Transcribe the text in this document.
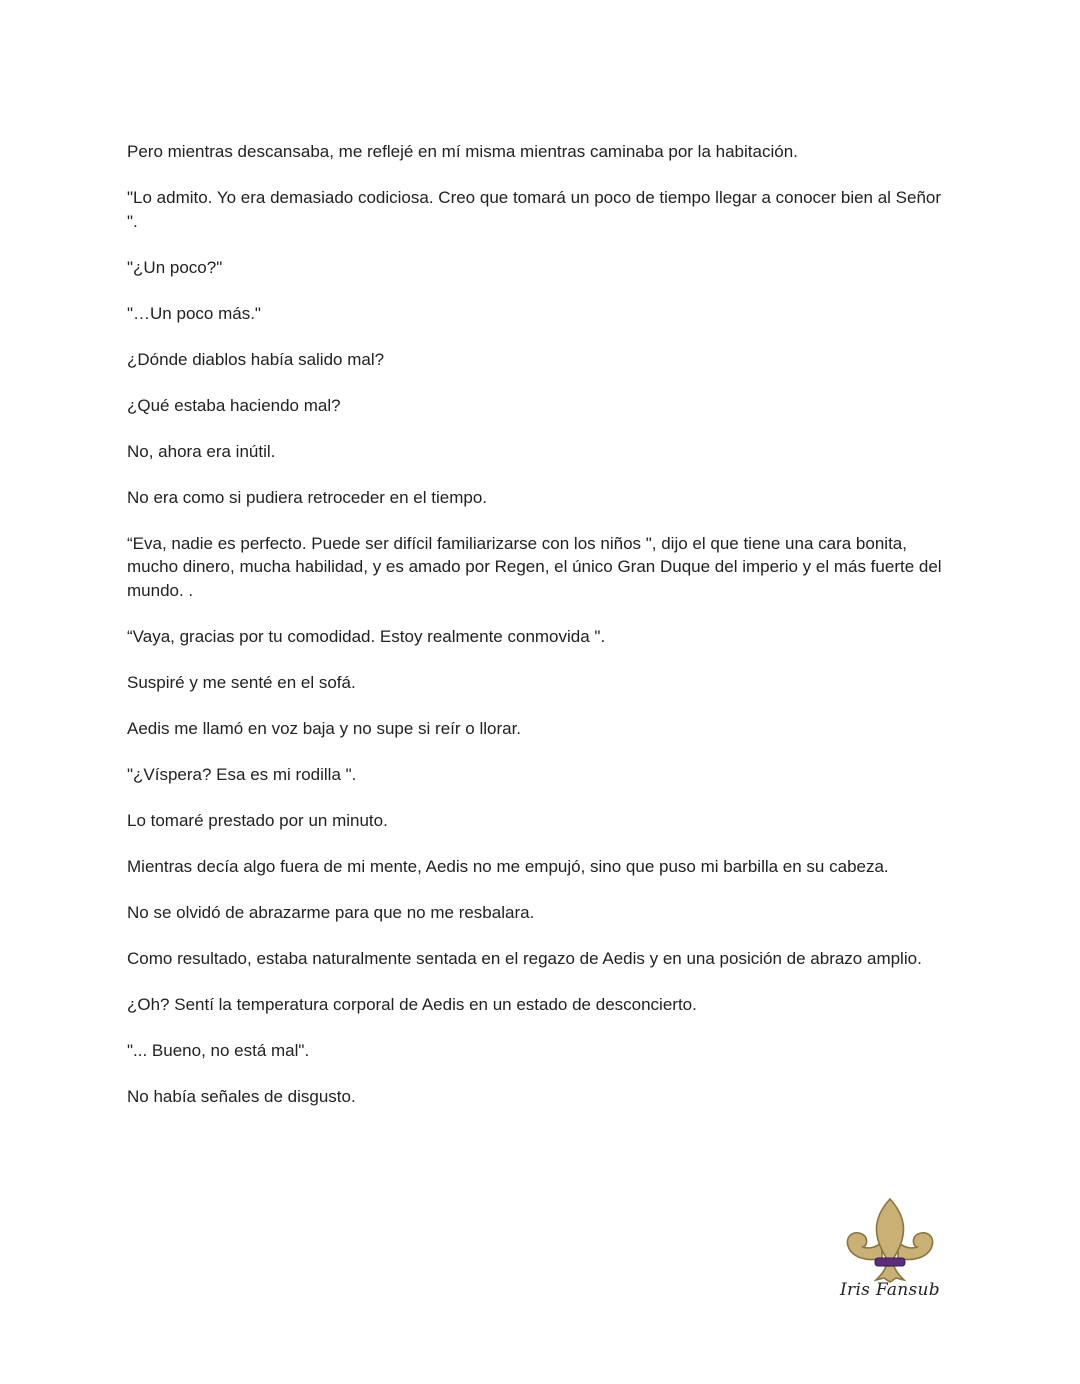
Pero mientras descansaba, me reflejé en mí misma mientras caminaba por la habitación.

"Lo admito. Yo era demasiado codiciosa. Creo que tomará un poco de tiempo llegar a conocer bien al Señor ".

"¿Un poco?"

"…Un poco más."

¿Dónde diablos había salido mal?

¿Qué estaba haciendo mal?

No, ahora era inútil.

No era como si pudiera retroceder en el tiempo.

“Eva, nadie es perfecto. Puede ser difícil familiarizarse con los niños ", dijo el que tiene una cara bonita, mucho dinero, mucha habilidad, y es amado por Regen, el único Gran Duque del imperio y el más fuerte del mundo. .

“Vaya, gracias por tu comodidad. Estoy realmente conmovida ".

Suspiré y me senté en el sofá.

Aedis me llamó en voz baja y no supe si reír o llorar.

"¿Víspera? Esa es mi rodilla ".

Lo tomaré prestado por un minuto.

Mientras decía algo fuera de mi mente, Aedis no me empujó, sino que puso mi barbilla en su cabeza.

No se olvidó de abrazarme para que no me resbalara.

Como resultado, estaba naturalmente sentada en el regazo de Aedis y en una posición de abrazo amplio.

¿Oh? Sentí la temperatura corporal de Aedis en un estado de desconcierto.

"... Bueno, no está mal".

No había señales de disgusto.

Iris Fansub
